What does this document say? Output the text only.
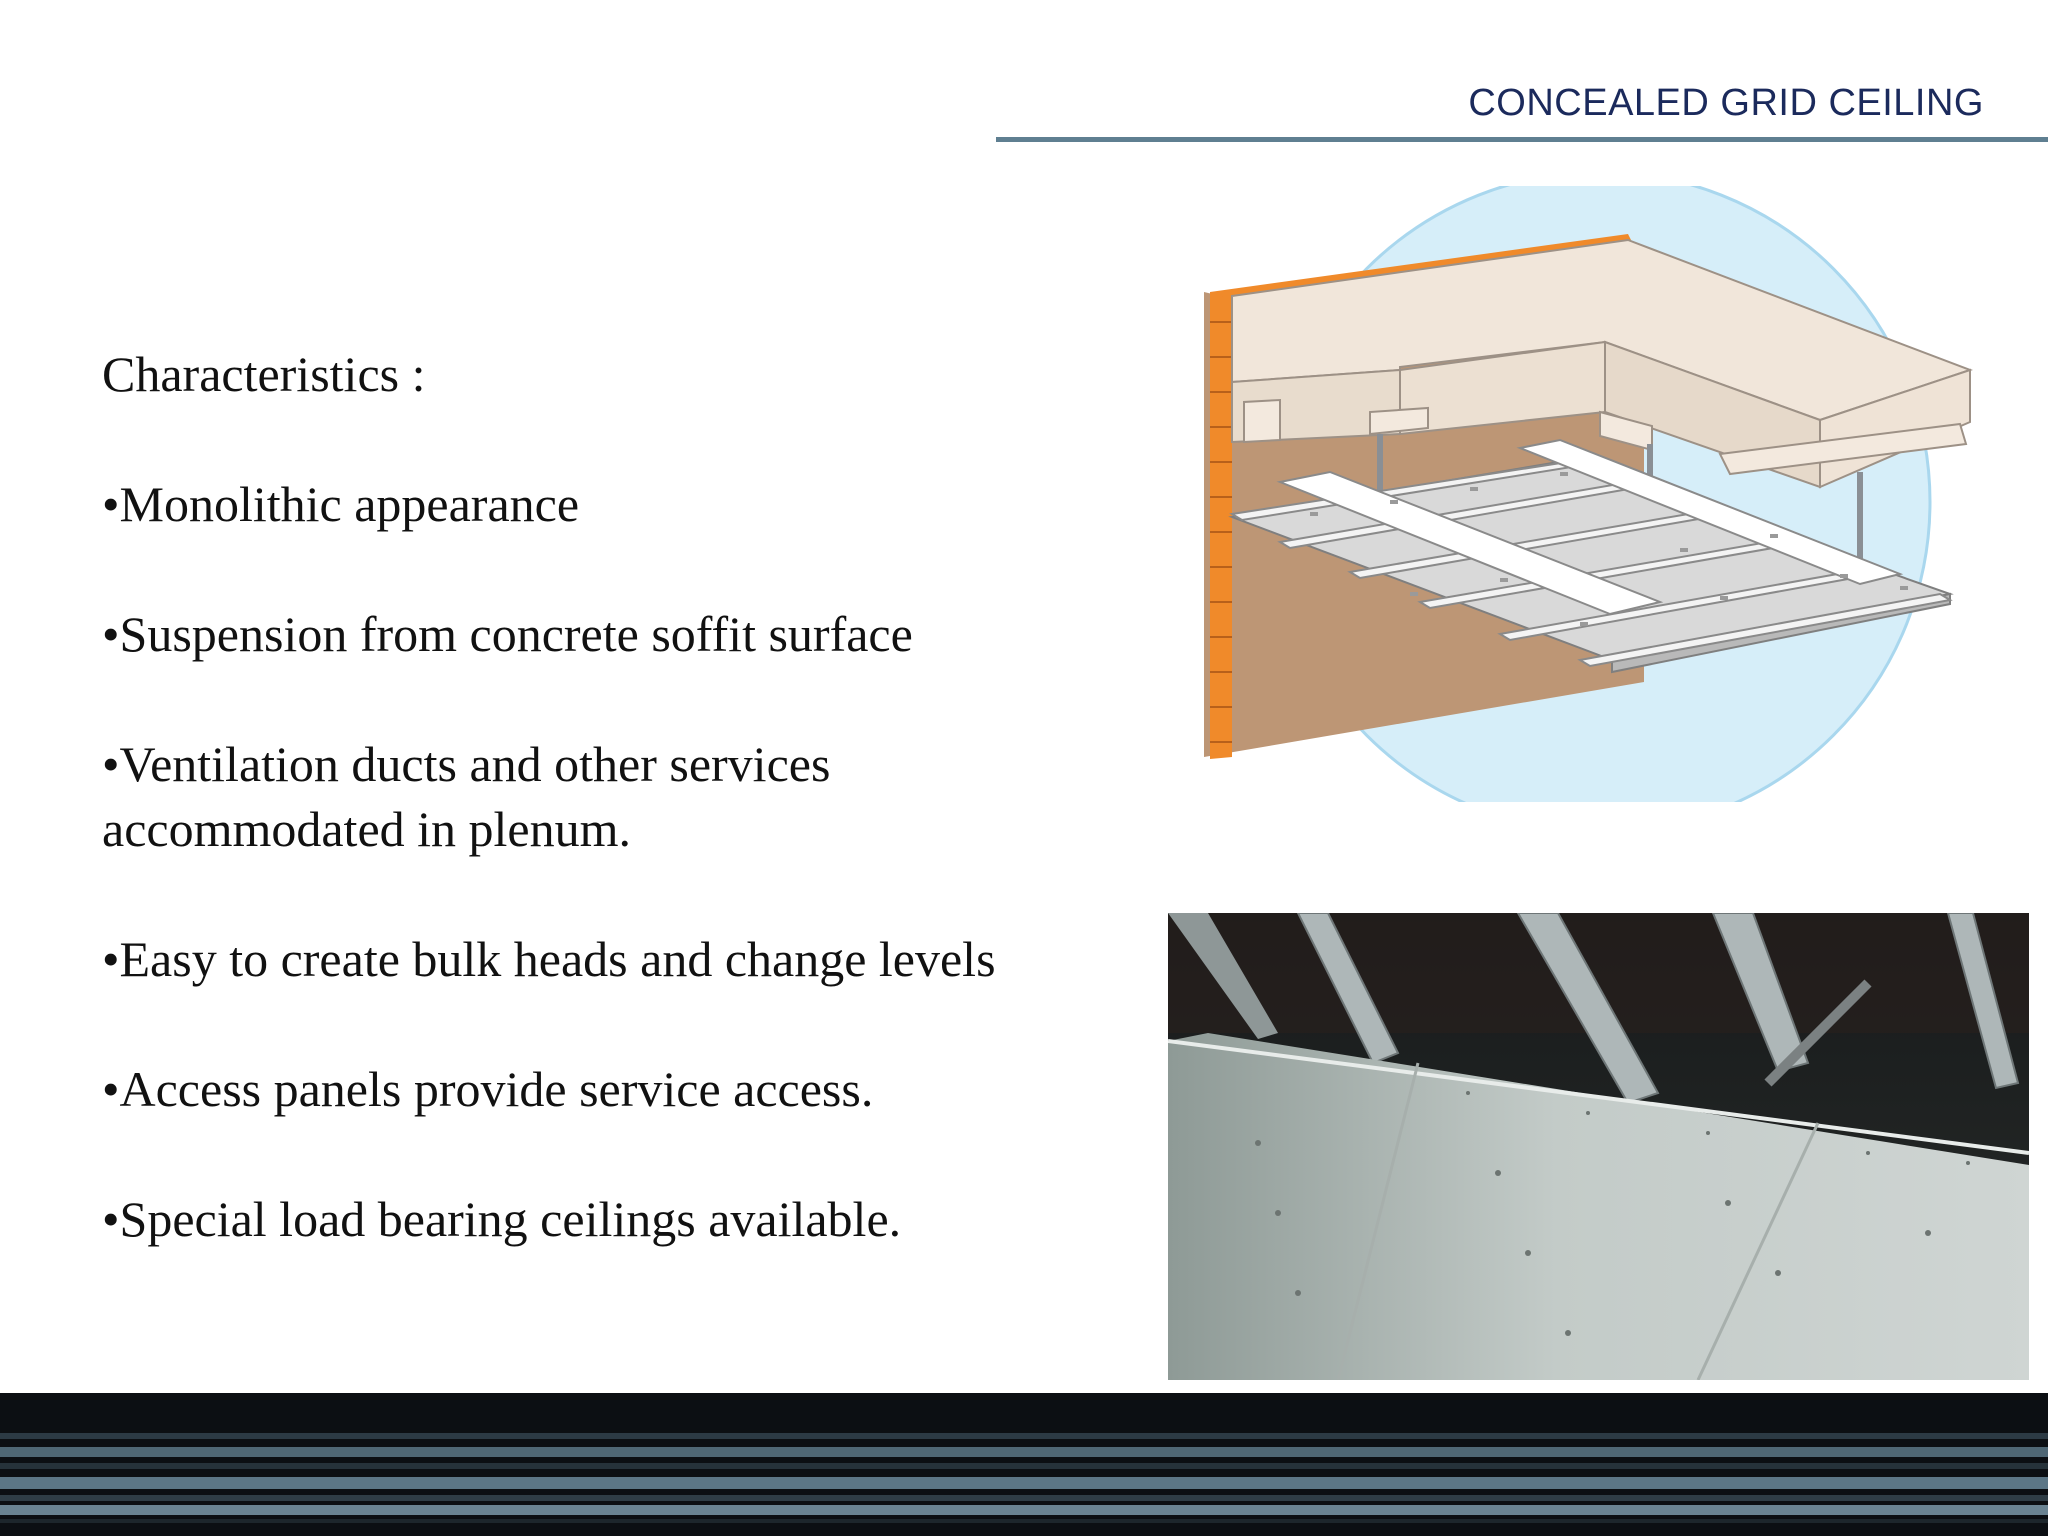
CONCEALED GRID CEILING

Characteristics :

•Monolithic appearance

•Suspension from concrete soffit surface

•Ventilation ducts and other services accommodated in plenum.

•Easy to create bulk heads and change levels

•Access panels provide service access.

•Special load bearing ceilings available.
